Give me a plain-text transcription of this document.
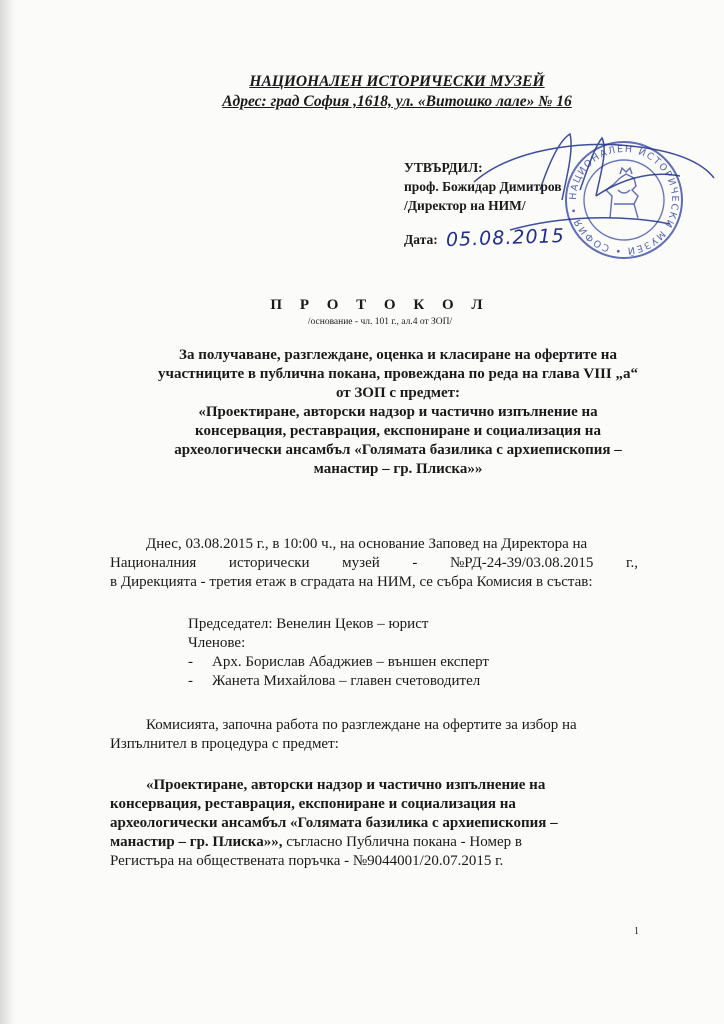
НАЦИОНАЛЕН ИСТОРИЧЕСКИ МУЗЕЙ
Адрес: град София ,1618, ул. «Витошко лале» № 16
НАЦИОНАЛЕН ИСТОРИЧЕСКИ МУЗЕЙ • СОФИЯ •
УТВЪРДИЛ:
проф. Божидар Димитров
/Директор на НИМ/
Дата: 05.08.2015
П Р О Т О К О Л
/основание - чл. 101 г., ал.4 от ЗОП/
За получаване, разглеждане, оценка и класиране на офертите на
участниците в публична покана, провеждана по реда на глава VIII „а“
от ЗОП с предмет:
«Проектиране, авторски надзор и частично изпълнение на
консервация, реставрация, експониране и социализация на
археологически ансамбъл «Голямата базилика с архиепископия –
манастир – гр. Плиска»»
Днес, 03.08.2015 г., в 10:00 ч., на основание Заповед на Директора на
Националния исторически музей - №РД-24-39/03.08.2015 г.,
в Дирекцията - третия етаж в сградата на НИМ, се събра Комисия в състав:
Председател: Венелин Цеков – юрист
Членове:
-	Арх. Борислав Абаджиев – външен експерт
-	Жанета Михайлова – главен счетоводител
Комисията, започна работа по разглеждане на офертите за избор на
Изпълнител в процедура с предмет:
«Проектиране, авторски надзор и частично изпълнение на
консервация, реставрация, експониране и социализация на
археологически ансамбъл «Голямата базилика с архиепископия –
манастир – гр. Плиска»», съгласно Публична покана - Номер в
Регистъра на обществената поръчка - №9044001/20.07.2015 г.
1
